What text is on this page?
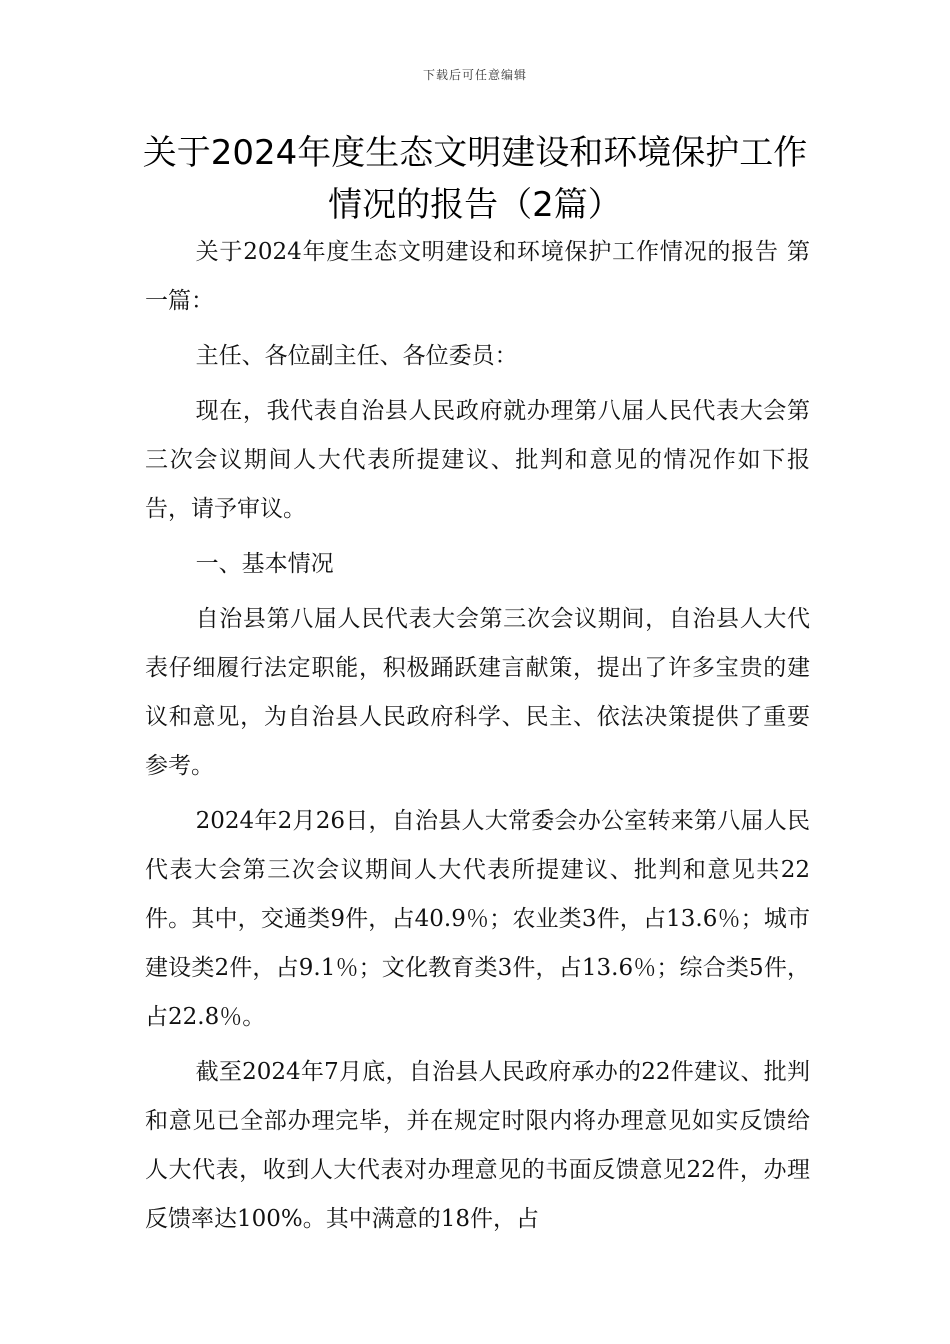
下载后可任意编辑
关于2024年度生态文明建设和环境保护工作情况的报告（2篇）

关于2024年度生态文明建设和环境保护工作情况的报告 第一篇：

主任、各位副主任、各位委员：

现在，我代表自治县人民政府就办理第八届人民代表大会第三次会议期间人大代表所提建议、批判和意见的情况作如下报告，请予审议。

一、基本情况

自治县第八届人民代表大会第三次会议期间，自治县人大代表仔细履行法定职能，积极踊跃建言献策，提出了许多宝贵的建议和意见，为自治县人民政府科学、民主、依法决策提供了重要参考。

2024年2月26日，自治县人大常委会办公室转来第八届人民代表大会第三次会议期间人大代表所提建议、批判和意见共22件。其中，交通类9件，占40.9％；农业类3件，占13.6％；城市建设类2件，占9.1％；文化教育类3件，占13.6％；综合类5件，占22.8％。

截至2024年7月底，自治县人民政府承办的22件建议、批判和意见已全部办理完毕，并在规定时限内将办理意见如实反馈给人大代表，收到人大代表对办理意见的书面反馈意见22件，办理反馈率达100%。其中满意的18件，占
